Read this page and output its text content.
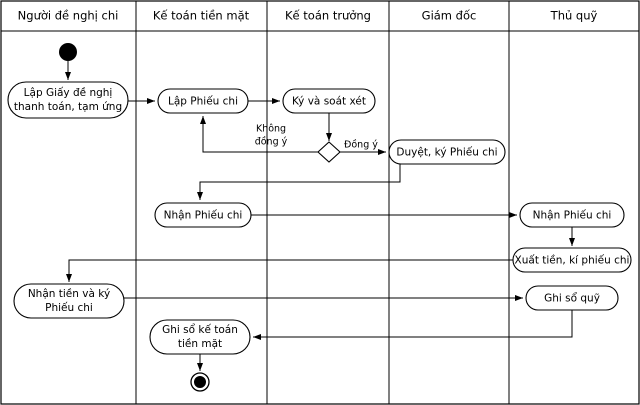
Người đề nghị chi	Kế toán tiền mặt	Kế toán trưởng	Giám đốc	Thủ quỹ
Lập Giấy đề nghị
thanh toán, tạm ứng	Lập Phiếu chi	Ký và soát xét
Không
đồng ý	Đồng ý
Duyệt, ký Phiếu chi
Nhận Phiếu chi	Nhận Phiếu chi
Xuất tiền, kí phiếu chi
Nhận tiền và ký
Phiếu chi
Ghi sổ quỹ
Ghi sổ kế toán
tiền mặt
